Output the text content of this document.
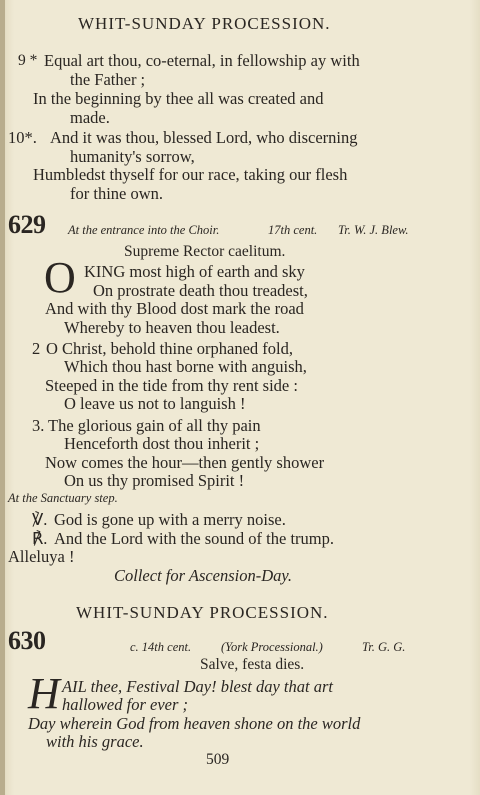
WHIT-SUNDAY PROCESSION.
9 * Equal art thou, co-eternal, in fellowship ay with
the Father ;
In the beginning by thee all was created and
made.
10*. And it was thou, blessed Lord, who discerning
humanity's sorrow,
Humbledst thyself for our race, taking our flesh
for thine own.
629 At the entrance into the Choir.	17th cent. Tr. W. J. Blew.
Supreme Rector caelitum.
O KING most high of earth and sky
On prostrate death thou treadest,
And with thy Blood dost mark the road
Whereby to heaven thou leadest.
2 O Christ, behold thine orphaned fold,
Which thou hast borne with anguish,
Steeped in the tide from thy rent side :
O leave us not to languish !
3. The glorious gain of all thy pain
Henceforth dost thou inherit ;
Now comes the hour—then gently shower
On us thy promised Spirit !
At the Sanctuary step.
℣. God is gone up with a merry noise.
℟. And the Lord with the sound of the trump.
Alleluya !
Collect for Ascension-Day.
WHIT-SUNDAY PROCESSION.
630	c. 14th cent. (York Processional.)	Tr. G. G.
Salve, festa dies.
H AIL thee, Festival Day! blest day that art
hallowed for ever ;
Day wherein God from heaven shone on the world
with his grace.
509
